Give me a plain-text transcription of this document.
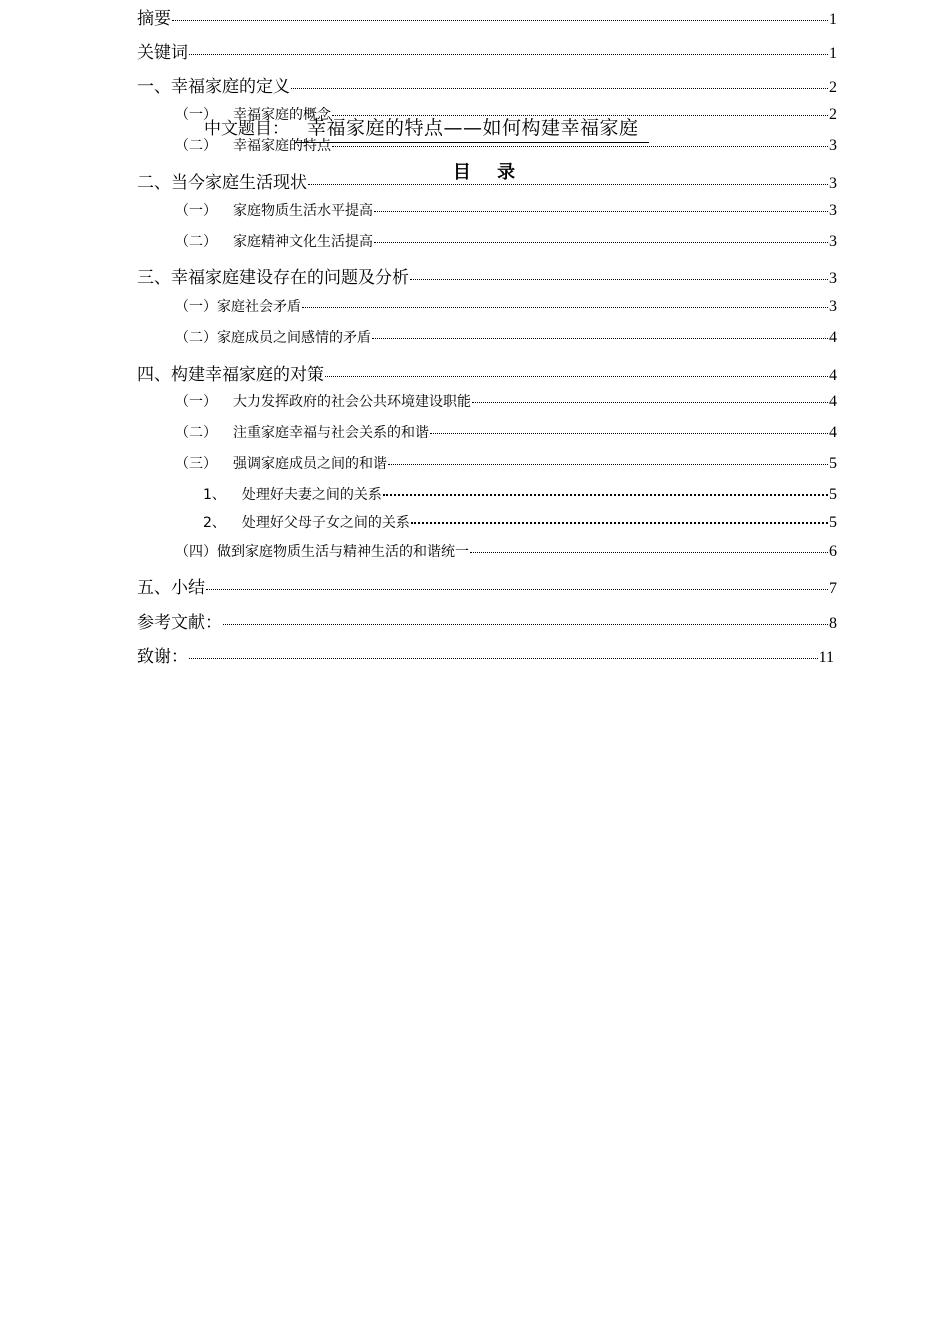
中文题目： 幸福家庭的特点——如何构建幸福家庭
目 录
摘要	1
关键词	1
一、幸福家庭的定义	2
（一） 幸福家庭的概念	2
（二） 幸福家庭的特点	3
二、当今家庭生活现状	3
（一） 家庭物质生活水平提高	3
（二） 家庭精神文化生活提高	3
三、幸福家庭建设存在的问题及分析	3
（一）家庭社会矛盾	3
（二）家庭成员之间感情的矛盾	4
四、构建幸福家庭的对策	4
（一） 大力发挥政府的社会公共环境建设职能	4
（二） 注重家庭幸福与社会关系的和谐	4
（三） 强调家庭成员之间的和谐	5
1、 处理好夫妻之间的关系	5
2、 处理好父母子女之间的关系	5
（四）做到家庭物质生活与精神生活的和谐统一	6
五、小结	7
参考文献：	8
致谢：	11
